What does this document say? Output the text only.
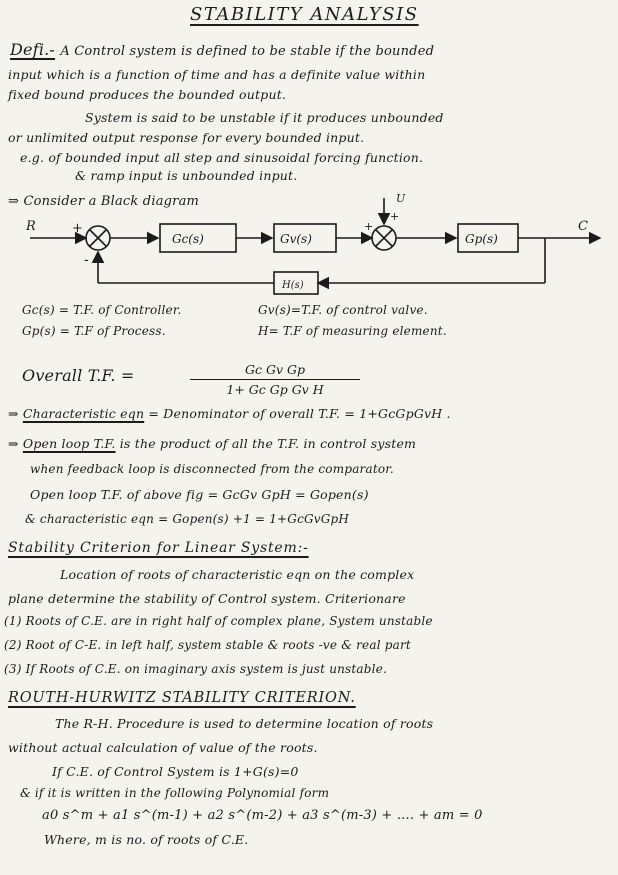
STABILITY ANALYSIS
Defi.- A Control system is defined to be stable if the bounded
input which is a function of time and has a definite value within
fixed bound produces the bounded output.
System is said to be unstable if it produces unbounded
or unlimited output response for every bounded input.
e.g. of bounded input all step and sinusoidal forcing function.
& ramp input is unbounded input.
⇒ Consider a Black diagram
R	+
-
Gc(s)	Gv(s)
U
+
+
Gp(s)
C
H(s)
Gc(s) = T.F. of Controller.	Gv(s)=T.F. of control valve.
Gp(s) = T.F of Process.	H= T.F of measuring element.
Overall T.F. =	$\frac{\text{Gc Gv Gp}}{\text{1+ Gc Gp Gv H}}$
⇒ Characteristic eqn = Denominator of overall T.F. = 1+GcGpGvH .
⇒ Open loop T.F. is the product of all the T.F. in control system
when feedback loop is disconnected from the comparator.
Open loop T.F. of above fig = GcGv GpH = Gopen(s)
& characteristic eqn = Gopen(s) +1 = 1+GcGvGpH
Stability Criterion for Linear System:-
Location of roots of characteristic eqn on the complex
plane determine the stability of Control system. Criterionare
(1) Roots of C.E. are in right half of complex plane, System unstable
(2) Root of C-E. in left half, system stable & roots -ve & real part
(3) If Roots of C.E. on imaginary axis system is just unstable.
ROUTH-HURWITZ STABILITY CRITERION.
The R-H. Procedure is used to determine location of roots
without actual calculation of value of the roots.
If C.E. of Control System is 1+G(s)=0
& if it is written in the following Polynomial form
a0 s^m + a1 s^(m-1) + a2 s^(m-2) + a3 s^(m-3) + .... + am = 0
Where, m is no. of roots of C.E.
